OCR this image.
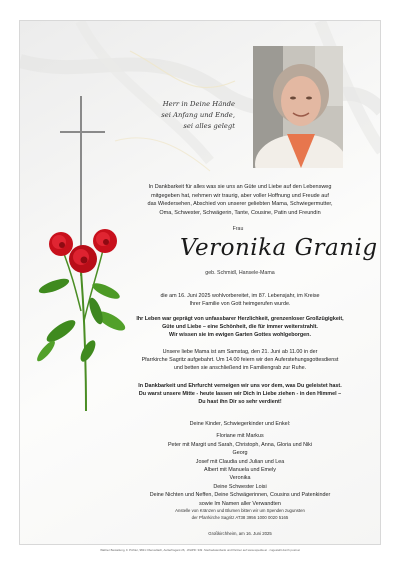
Herr in Deine Hände
sei Anfang und Ende,
sei alles gelegt
In Dankbarkeit für alles was sie uns an Güte und Liebe auf den Lebensweg
mitgegeben hat, nehmen wir traurig, aber voller Hoffnung und Freude auf
das Wiedersehen, Abschied von unserer geliebten Mama, Schwiegermutter,
Oma, Schwester, Schwägerin, Tante, Cousine, Patin und Freundin
Frau
Veronika Granig
geb. Schmidl, Hansele-Mama
die am 16. Juni 2025 wohlvorbereitet, im 87. Lebensjahr, im Kreise
Ihrer Familie von Gott heimgerufen wurde.
Ihr Leben war geprägt von unfassbarer Herzlichkeit, grenzenloser Großzügigkeit,
Güte und Liebe – eine Schönheit, die für immer weiterstrahlt.
Wir wissen sie im ewigen Garten Gottes wohlgeborgen.
Unsere liebe Mama ist am Samstag, den 21. Juni ab 11.00 in der
Pfarrkirche Sagritz aufgebahrt. Um 14.00 feiern wir den Auferstehungsgottesdienst
und betten sie anschließend im Familiengrab zur Ruhe.
In Dankbarkeit und Ehrfurcht verneigen wir uns vor dem, was Du geleistet hast.
Du warst unsere Mitte - heute lassen wir Dich in Liebe ziehen - in den Himmel –
Du hast ihn Dir so sehr verdient!
Deine Kinder, Schwiegerkinder und Enkel:
Floriane mit Markus
Peter mit Margit und Sarah, Christoph, Anna, Gloria und Niki
Georg
Josef mit Claudia und Julian und Lea
Albert mit Manuela und Emely
Veronika
Deine Schwester Loisi
Deine Nichten und Neffen, Deine Schwägerinnen, Cousins und Patenkinder
sowie Im Namen aller Verwandten
Anstelle von Kränzen und Blumen bitten wir um Spenden zugunsten
der Pfarrkirche Sagritz AT38 3956 1000 0020 5165
Großkirchheim, am 16. Juni 2025
Wallner Bestattung, F. Pichler, 9821 Obervellach, Außerfragant 26, ·WHPD: 349 ·Sterbedatenbank und Partner auf www.wpedia.at · zugestellt durch posti.at
